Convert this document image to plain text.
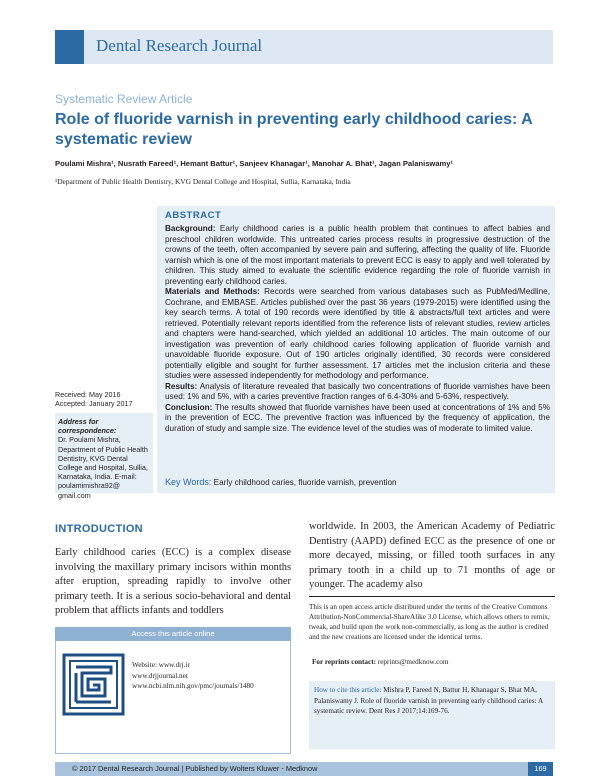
Dental Research Journal
Systematic Review Article
Role of fluoride varnish in preventing early childhood caries: A systematic review
Poulami Mishra¹, Nusrath Fareed¹, Hemant Battur¹, Sanjeev Khanagar¹, Manohar A. Bhat¹, Jagan Palaniswamy¹
¹Department of Public Health Dentistry, KVG Dental College and Hospital, Sullia, Karnataka, India
ABSTRACT

Background: Early childhood caries is a public health problem that continues to affect babies and preschool children worldwide. This untreated caries process results in progressive destruction of the crowns of the teeth, often accompanied by severe pain and suffering, affecting the quality of life. Fluoride varnish which is one of the most important materials to prevent ECC is easy to apply and well tolerated by children. This study aimed to evaluate the scientific evidence regarding the role of fluoride varnish in preventing early childhood caries.

Materials and Methods: Records were searched from various databases such as PubMed/Medline, Cochrane, and EMBASE. Articles published over the past 36 years (1979-2015) were identified using the key search terms. A total of 190 records were identified by title & abstracts/full text articles and were retrieved. Potentially relevant reports identified from the reference lists of relevant studies, review articles and chapters were hand-searched, which yielded an additional 10 articles. The main outcome of our investigation was prevention of early childhood caries following application of fluoride varnish and unavoidable fluoride exposure. Out of 190 articles originally identified, 30 records were considered potentially eligible and sought for further assessment. 17 articles met the inclusion criteria and these studies were assessed independently for methodology and performance.

Results: Analysis of literature revealed that basically two concentrations of fluoride varnishes have been used: 1% and 5%, with a caries preventive fraction ranges of 6.4-30% and 5-63%, respectively.

Conclusion: The results showed that fluoride varnishes have been used at concentrations of 1% and 5% in the prevention of ECC. The preventive fraction was influenced by the frequency of application, the duration of study and sample size. The evidence level of the studies was of moderate to limited value.

Key Words: Early childhood caries, fluoride varnish, prevention
Received: May 2016
Accepted: January 2017
Address for correspondence:
Dr. Poulami Mishra, Department of Public Health Dentistry, KVG Dental College and Hospital, Sullia, Karnataka, India. E-mail: poulamimishra92@ gmail.com
INTRODUCTION
Early childhood caries (ECC) is a complex disease involving the maxillary primary incisors within months after eruption, spreading rapidly to involve other primary teeth. It is a serious socio-behavioral and dental problem that afflicts infants and toddlers
worldwide. In 2003, the American Academy of Pediatric Dentistry (AAPD) defined ECC as the presence of one or more decayed, missing, or filled tooth surfaces in any primary tooth in a child up to 71 months of age or younger. The academy also
Access this article online
Website: www.drj.ir
www.drjjournal.net
www.ncbi.nlm.nih.gov/pmc/journals/1480
This is an open access article distributed under the terms of the Creative Commons Attribution-NonCommercial-ShareAlike 3.0 License, which allows others to remix, tweak, and build upon the work non-commercially, as long as the author is credited and the new creations are licensed under the identical terms.
For reprints contact: reprints@medknow.com
How to cite this article: Mishra P, Fareed N, Battur H, Khanagar S, Bhat MA, Palaniswamy J. Role of fluoride varnish in preventing early childhood caries: A systematic review. Dent Res J 2017;14:169-76.
© 2017 Dental Research Journal | Published by Wolters Kluwer - Medknow	169
